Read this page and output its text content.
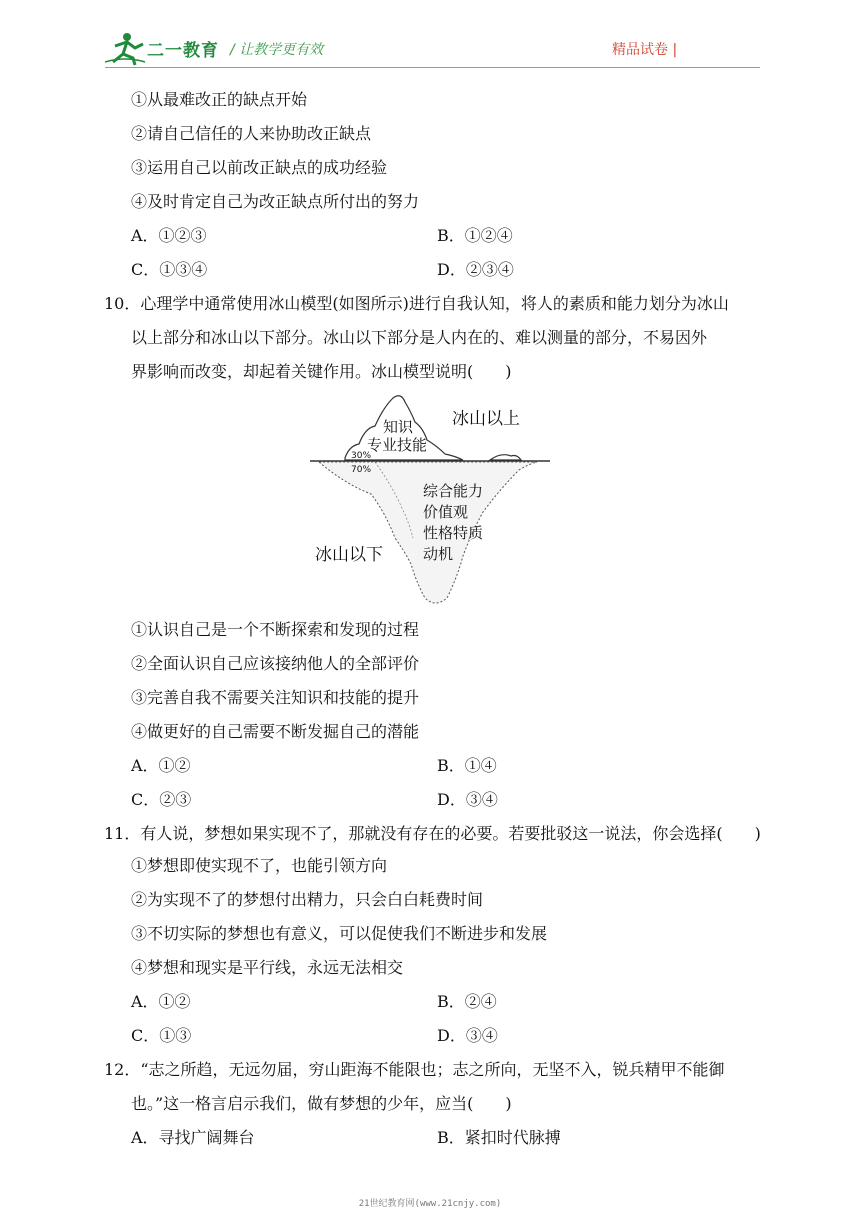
二一教育 / 让教学更有效	精品试卷 |
①从最难改正的缺点开始
②请自己信任的人来协助改正缺点
③运用自己以前改正缺点的成功经验
④及时肯定自己为改正缺点所付出的努力
A．①②③	B．①②④
C．①③④	D．②③④
10．心理学中通常使用冰山模型(如图所示)进行自我认知，将人的素质和能力划分为冰山
以上部分和冰山以下部分。冰山以下部分是人内在的、难以测量的部分，不易因外
界影响而改变，却起着关键作用。冰山模型说明(　　)
知识
专业技能
30%
70%
冰山以上
冰山以下
综合能力
价值观
性格特质
动机
①认识自己是一个不断探索和发现的过程
②全面认识自己应该接纳他人的全部评价
③完善自我不需要关注知识和技能的提升
④做更好的自己需要不断发掘自己的潜能
A．①②	B．①④
C．②③	D．③④
11．有人说，梦想如果实现不了，那就没有存在的必要。若要批驳这一说法，你会选择(　　)
①梦想即使实现不了，也能引领方向
②为实现不了的梦想付出精力，只会白白耗费时间
③不切实际的梦想也有意义，可以促使我们不断进步和发展
④梦想和现实是平行线，永远无法相交
A．①②	B．②④
C．①③	D．③④
12．“志之所趋，无远勿届，穷山距海不能限也；志之所向，无坚不入，锐兵精甲不能御
也。”这一格言启示我们，做有梦想的少年，应当(　　)
A．寻找广阔舞台	B．紧扣时代脉搏
21世纪教育网(www.21cnjy.com)
